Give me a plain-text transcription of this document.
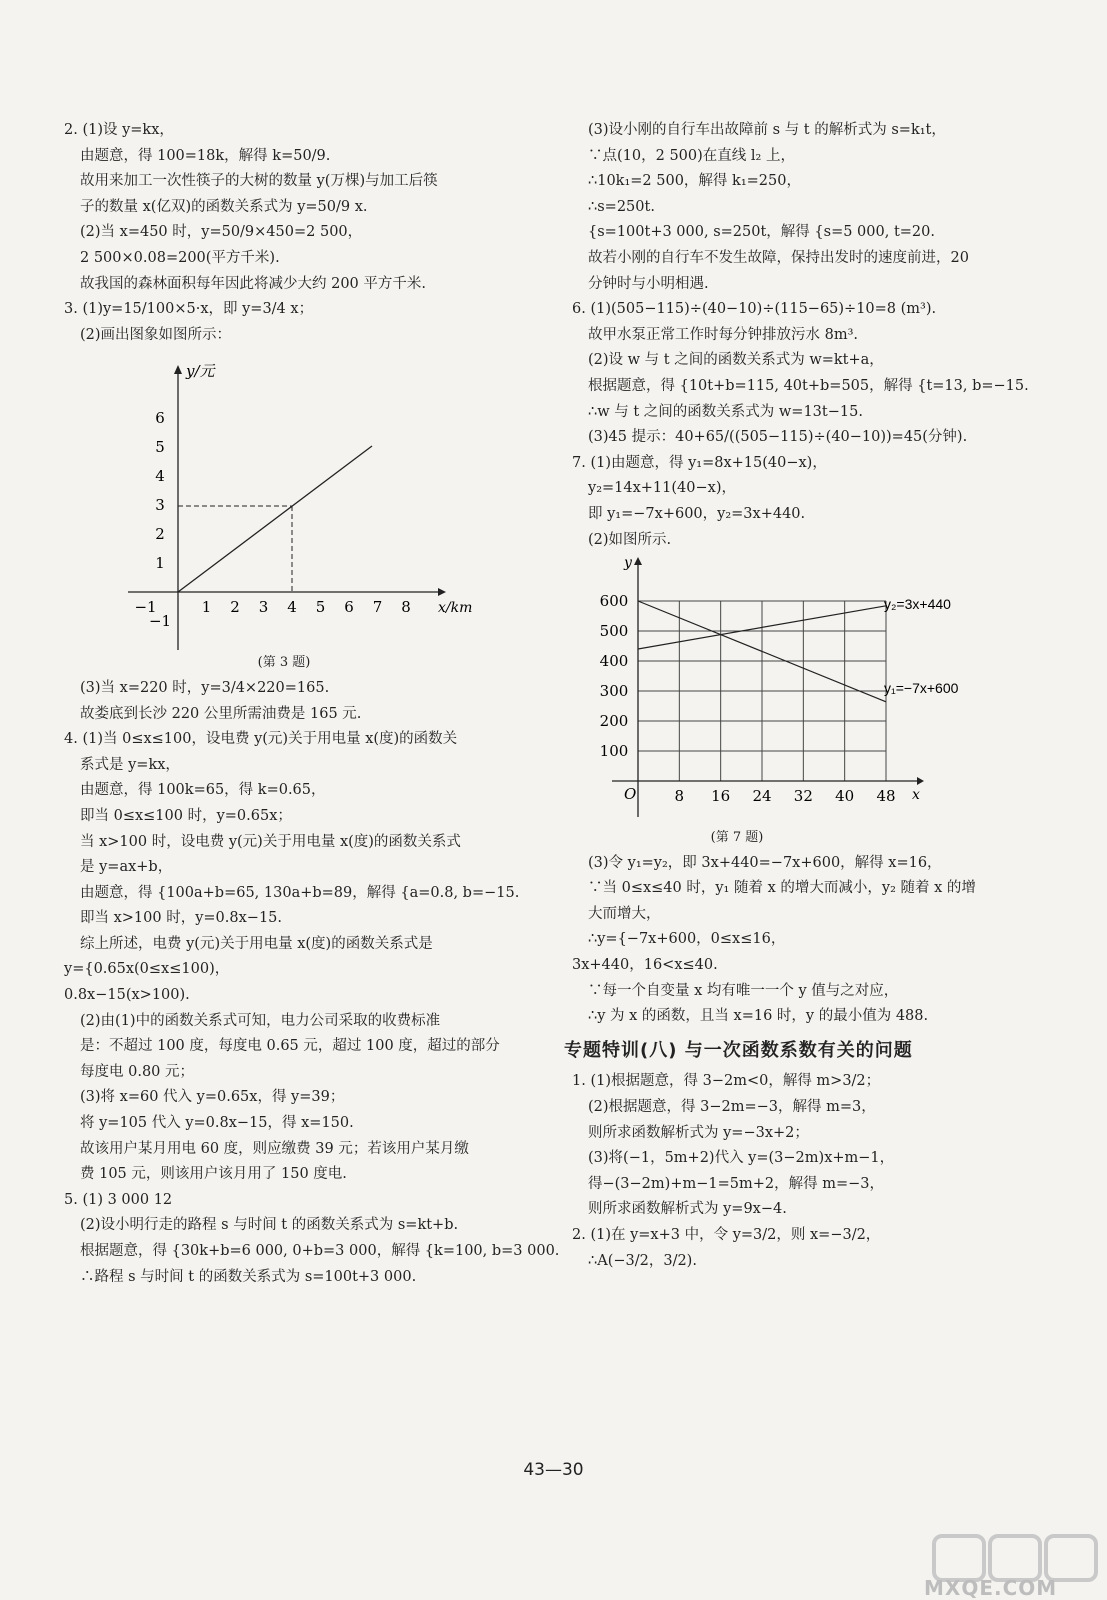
2. (1)设 y=kx，
由题意，得 100=18k，解得 k=50/9.
故用来加工一次性筷子的大树的数量 y(万棵)与加工后筷
子的数量 x(亿双)的函数关系式为 y=50/9 x.
(2)当 x=450 时，y=50/9×450=2 500，
2 500×0.08=200(平方千米).
故我国的森林面积每年因此将减少大约 200 平方千米.
3. (1)y=15/100×5·x，即 y=3/4 x；
(2)画出图象如图所示：
−1	1 2 3 4 5 6 7 8
−1
1
2
3
4
5
6
y/元
x/km
(第 3 题)
(3)当 x=220 时，y=3/4×220=165.
故娄底到长沙 220 公里所需油费是 165 元.
4. (1)当 0≤x≤100，设电费 y(元)关于用电量 x(度)的函数关
系式是 y=kx，
由题意，得 100k=65，得 k=0.65，
即当 0≤x≤100 时，y=0.65x；
当 x>100 时，设电费 y(元)关于用电量 x(度)的函数关系式
是 y=ax+b，
由题意，得 {100a+b=65, 130a+b=89，解得 {a=0.8, b=−15.
即当 x>100 时，y=0.8x−15.
综上所述，电费 y(元)关于用电量 x(度)的函数关系式是
y={0.65x(0≤x≤100)，
0.8x−15(x>100).
(2)由(1)中的函数关系式可知，电力公司采取的收费标准
是：不超过 100 度，每度电 0.65 元，超过 100 度，超过的部分
每度电 0.80 元；
(3)将 x=60 代入 y=0.65x，得 y=39；
将 y=105 代入 y=0.8x−15，得 x=150.
故该用户某月用电 60 度，则应缴费 39 元；若该用户某月缴
费 105 元，则该用户该月用了 150 度电.
5. (1) 3 000 12
(2)设小明行走的路程 s 与时间 t 的函数关系式为 s=kt+b.
根据题意，得 {30k+b=6 000, 0+b=3 000，解得 {k=100, b=3 000.
∴路程 s 与时间 t 的函数关系式为 s=100t+3 000.
(3)设小刚的自行车出故障前 s 与 t 的解析式为 s=k₁t，
∵点(10，2 500)在直线 l₂ 上，
∴10k₁=2 500，解得 k₁=250，
∴s=250t.
{s=100t+3 000, s=250t，解得 {s=5 000, t=20.
故若小刚的自行车不发生故障，保持出发时的速度前进，20
分钟时与小明相遇.
6. (1)(505−115)÷(40−10)÷(115−65)÷10=8 (m³).
故甲水泵正常工作时每分钟排放污水 8m³.
(2)设 w 与 t 之间的函数关系式为 w=kt+a，
根据题意，得 {10t+b=115, 40t+b=505，解得 {t=13, b=−15.
∴w 与 t 之间的函数关系式为 w=13t−15.
(3)45 提示：40+65/((505−115)÷(40−10))=45(分钟).
7. (1)由题意，得 y₁=8x+15(40−x)，
y₂=14x+11(40−x)，
即 y₁=−7x+600，y₂=3x+440.
(2)如图所示.
8 16 24 32 40 48
100
200
300
400
500
600
y
x
O
y₂=3x+440
y₁=−7x+600
(第 7 题)
(3)令 y₁=y₂，即 3x+440=−7x+600，解得 x=16，
∵当 0≤x≤40 时，y₁ 随着 x 的增大而减小，y₂ 随着 x 的增
大而增大，
∴y={−7x+600，0≤x≤16，
3x+440，16<x≤40.
∵每一个自变量 x 均有唯一一个 y 值与之对应，
∴y 为 x 的函数，且当 x=16 时，y 的最小值为 488.
专题特训(八) 与一次函数系数有关的问题
1. (1)根据题意，得 3−2m<0，解得 m>3/2；
(2)根据题意，得 3−2m=−3，解得 m=3，
则所求函数解析式为 y=−3x+2；
(3)将(−1，5m+2)代入 y=(3−2m)x+m−1，
得−(3−2m)+m−1=5m+2，解得 m=−3，
则所求函数解析式为 y=9x−4.
2. (1)在 y=x+3 中，令 y=3/2，则 x=−3/2，
∴A(−3/2，3/2).
43—30
MXQE.COM
